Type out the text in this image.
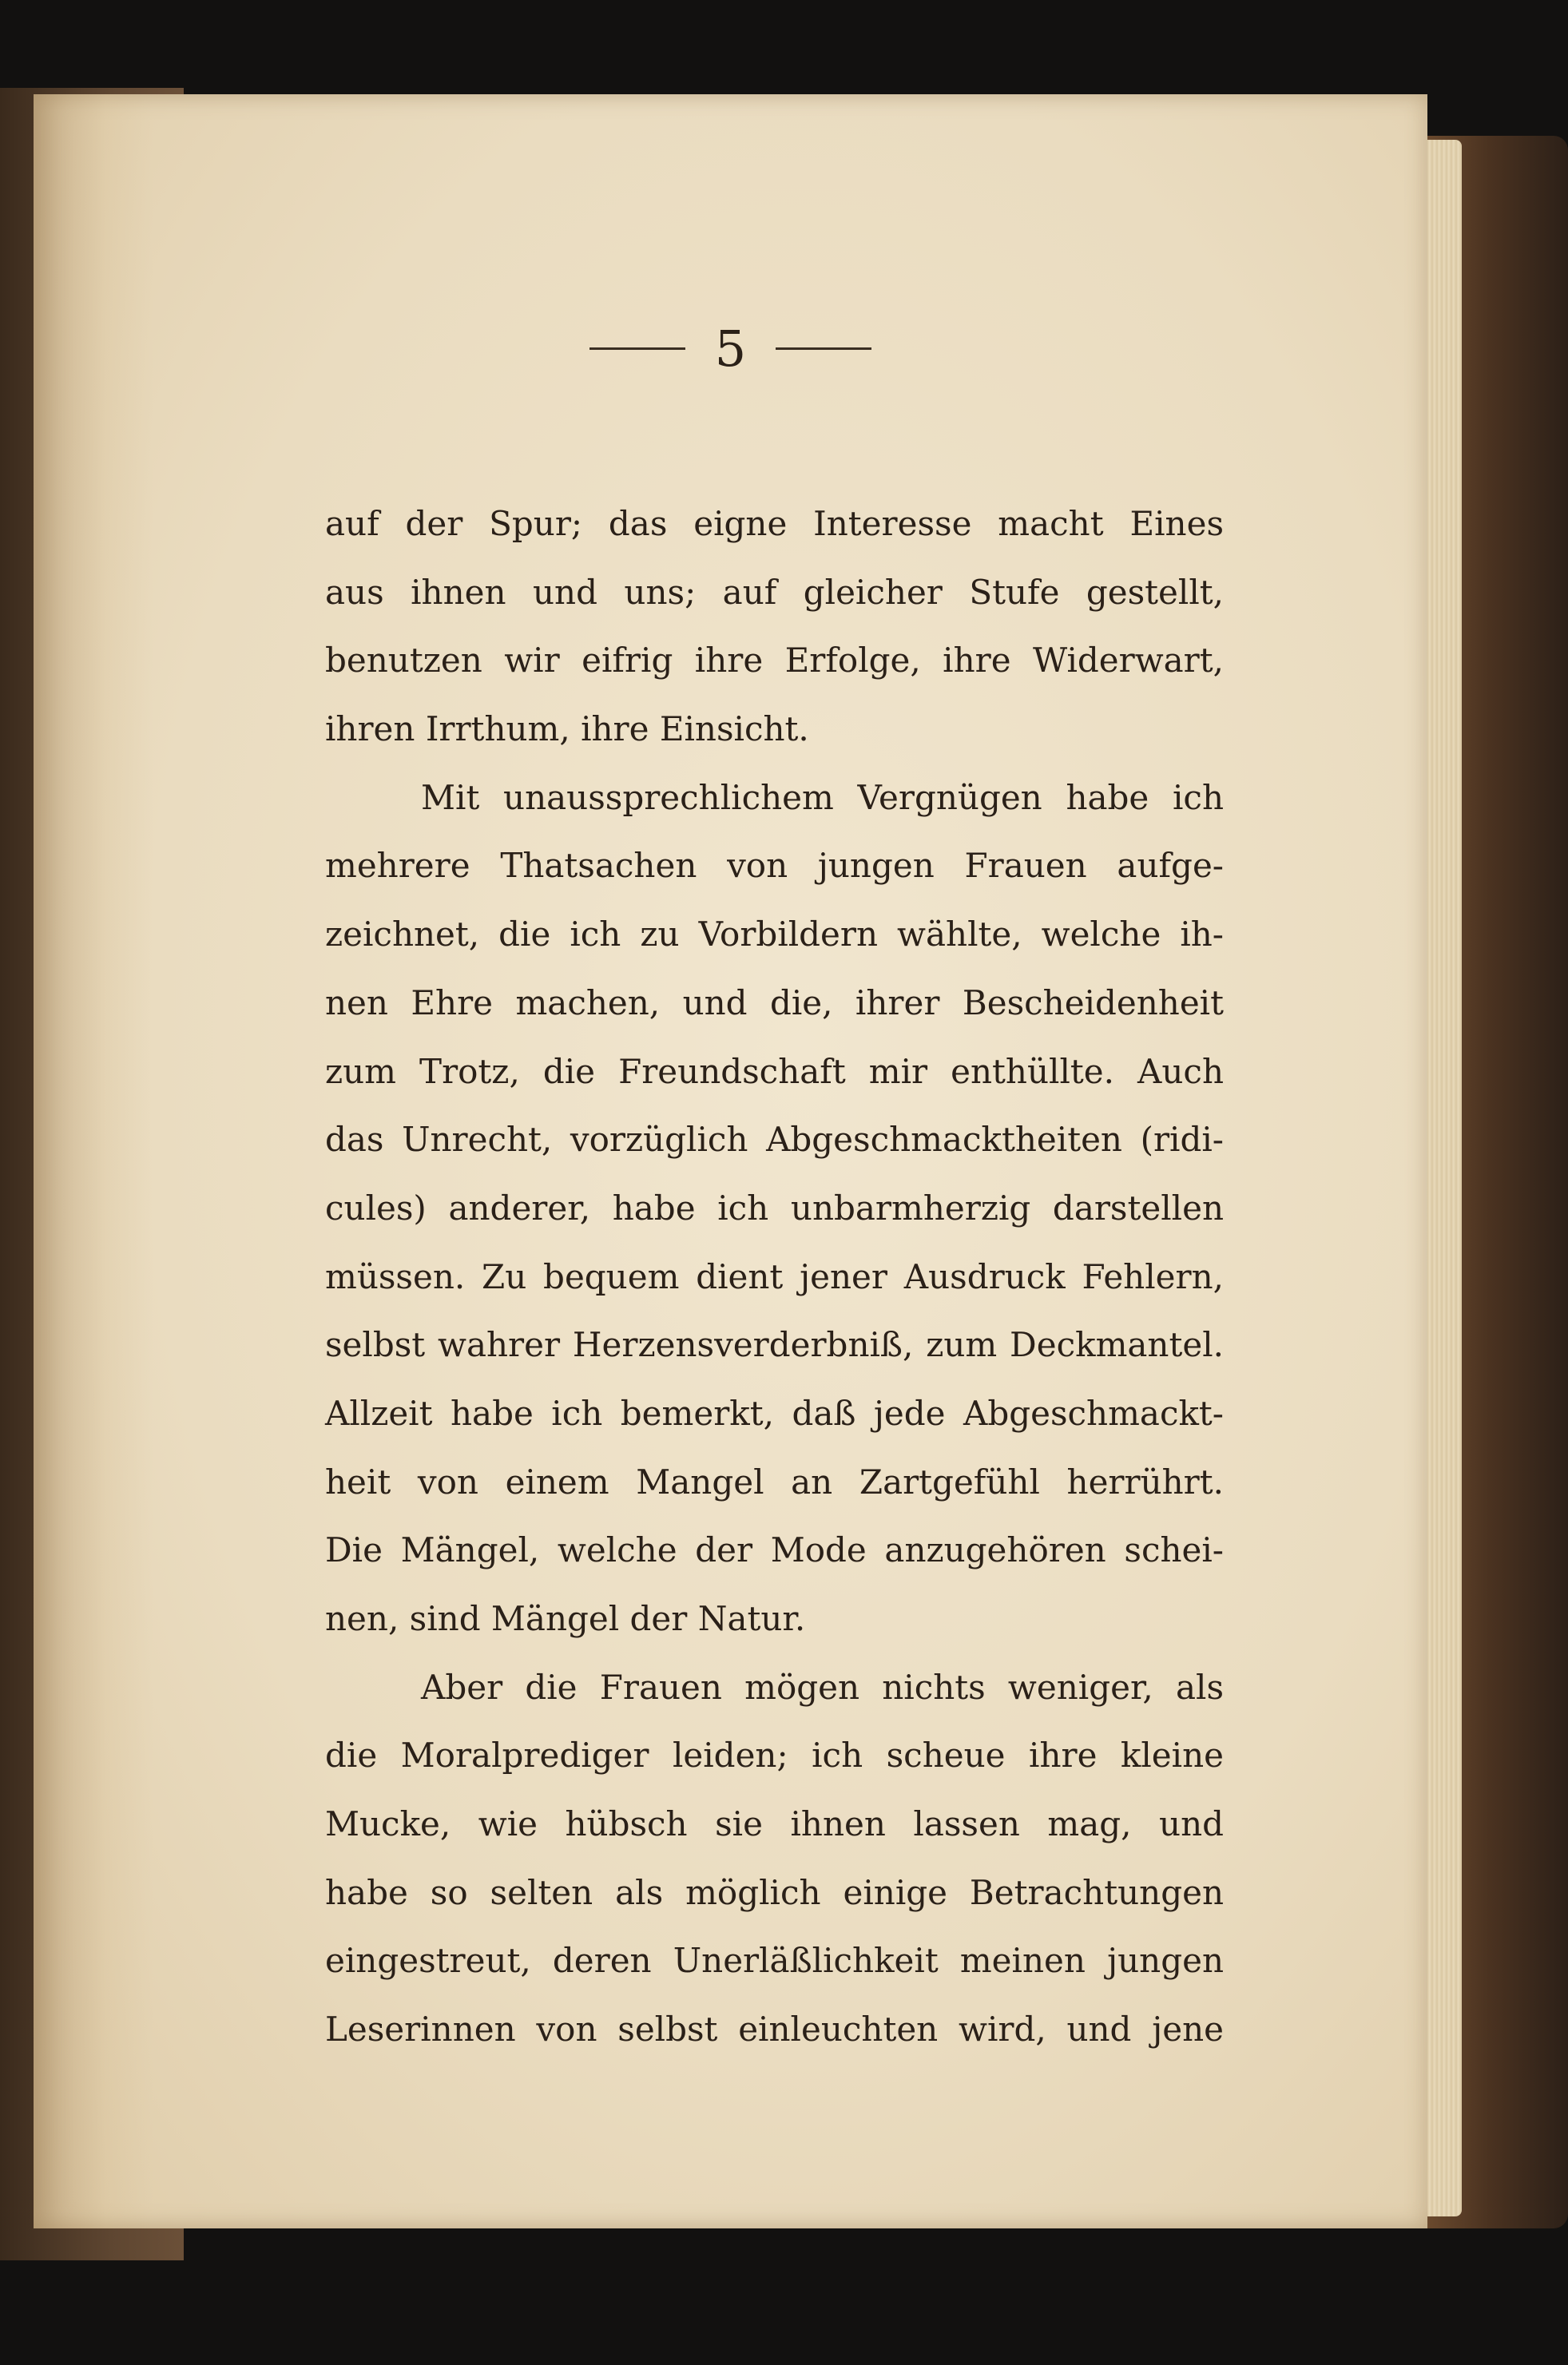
5
auf der Spur; das eigne Interesse macht Eines
aus ihnen und uns; auf gleicher Stufe gestellt,
benutzen wir eifrig ihre Erfolge, ihre Widerwart,
ihren Irrthum, ihre Einsicht.
Mit unaussprechlichem Vergnügen habe ich
mehrere Thatsachen von jungen Frauen aufge-
zeichnet, die ich zu Vorbildern wählte, welche ih-
nen Ehre machen, und die, ihrer Bescheidenheit
zum Trotz, die Freundschaft mir enthüllte. Auch
das Unrecht, vorzüglich Abgeschmacktheiten (ridi-
cules) anderer, habe ich unbarmherzig darstellen
müssen. Zu bequem dient jener Ausdruck Fehlern,
selbst wahrer Herzensverderbniß, zum Deckmantel.
Allzeit habe ich bemerkt, daß jede Abgeschmackt-
heit von einem Mangel an Zartgefühl herrührt.
Die Mängel, welche der Mode anzugehören schei-
nen, sind Mängel der Natur.
Aber die Frauen mögen nichts weniger, als
die Moralprediger leiden; ich scheue ihre kleine
Mucke, wie hübsch sie ihnen lassen mag, und
habe so selten als möglich einige Betrachtungen
eingestreut, deren Unerläßlichkeit meinen jungen
Leserinnen von selbst einleuchten wird, und jene
